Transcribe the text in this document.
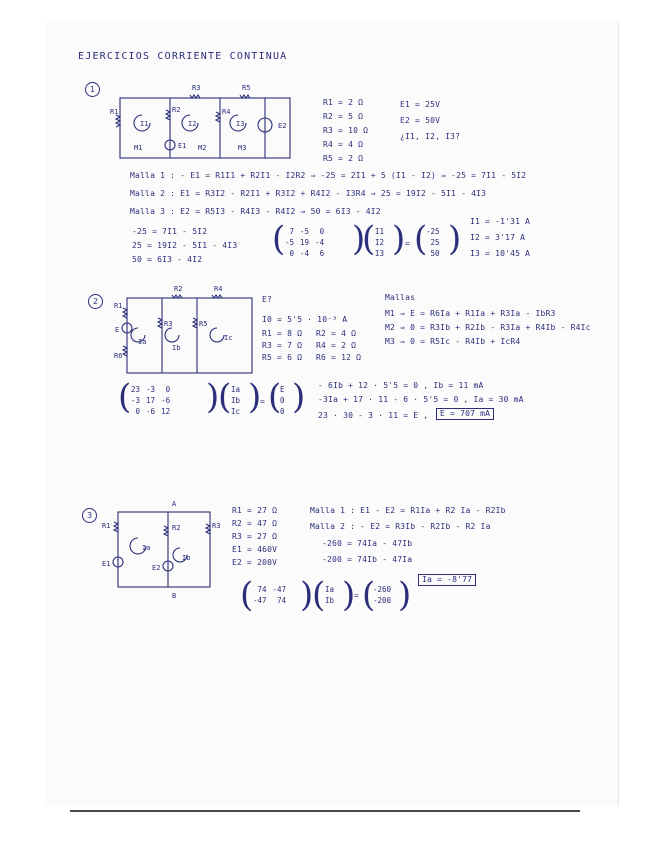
EJERCICIOS CORRIENTE CONTINUA
1
R1	R2	R4
R3	R5
E1
E2
I1	I2	I3
M1	M2	M3
R1 = 2 Ω
R2 = 5 Ω
R3 = 10 Ω
R4 = 4 Ω
R5 = 2 Ω
E1 = 25V
E2 = 50V
¿I1, I2, I3?
Malla 1 : - E1 = R1I1 + R2I1 - I2R2 ⇒ -25 = 2I1 + 5 (I1 - I2) ⇒ -25 = 7I1 - 5I2
Malla 2 : E1 = R3I2 - R2I1 + R3I2 + R4I2 - I3R4 ⇒ 25 = 19I2 - 5I1 - 4I3
Malla 3 : E2 = R5I3 - R4I3 - R4I2 ⇒ 50 = 6I3 - 4I2
-25 = 7I1 - 5I2
25 = 19I2 - 5I1 - 4I3
50 = 6I3 - 4I2
( 7	-5	0
-5	19	-4
0	-4	6 )
( I1
I2
I3 ) = (
-25
25
50 ) I1 = -1'31 A
I2 = 3'17 A
I3 = 10'45 A
2	R1
R6
R3	R5
R2	R4
E
Ia
Ib
Ic
E?
I0 = 5'5 · 10⁻³ A
R1 = 8 Ω
R3 = 7 Ω
R5 = 6 Ω
R2 = 4 Ω
R4 = 2 Ω
R6 = 12 Ω
Mallas
M1 ⇒ E = R6Ia + R1Ia + R3Ia - IbR3
M2 ⇒ 0 = R3Ib + R2Ib - R3Ia + R4Ib - R4Ic
M3 ⇒ 0 = R5Ic - R4Ib + IcR4
( 23	-3	0
-3	17	-6
0	-6	12 )
( Ia
Ib
Ic )
= (
E
0
0 ) - 6Ib + 12 · 5'5 = 0 , Ib = 11 mA
-3Ia + 17 · 11 - 6 · 5'5 = 0 , Ia = 30 mA
23 · 30 - 3 · 11 = E ,	E = 707 mA
3
A
B
R1	R2	R3
E1	E2
Ia
Ib
R1 = 27 Ω
R2 = 47 Ω
R3 = 27 Ω
E1 = 460V
E2 = 200V
Malla 1 : E1 - E2 = R1Ia + R2 Ia - R2Ib
Malla 2 : - E2 = R3Ib - R2Ib - R2 Ia
-260 = 74Ia - 47Ib
-200 = 74Ib - 47Ia
( 74	-47
-47	74 )
( Ia
Ib )
= (
-260
-200 )	Ia = -8'77
